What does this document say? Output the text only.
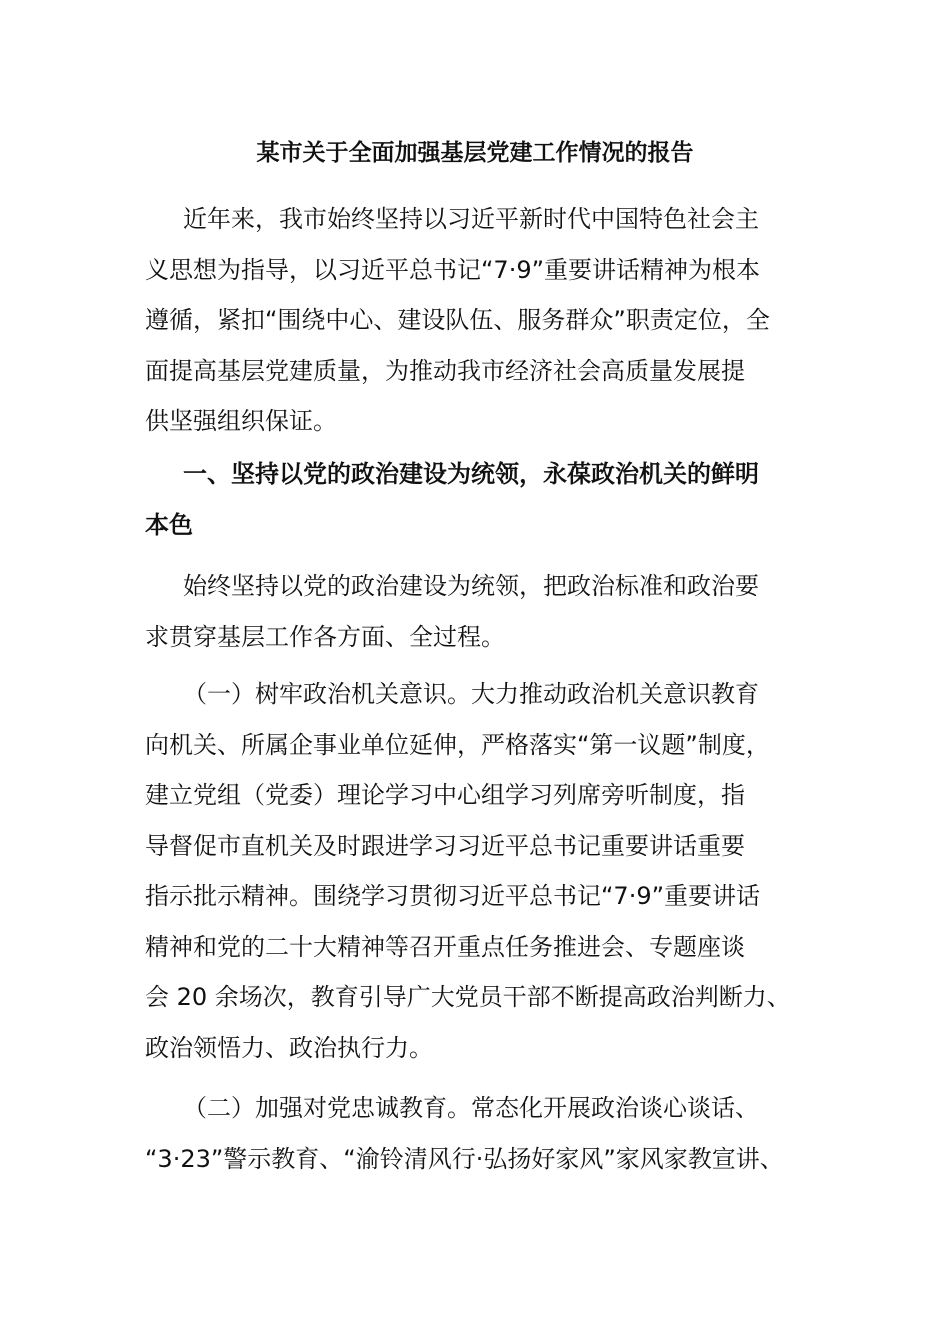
某市关于全面加强基层党建工作情况的报告

近年来，我市始终坚持以习近平新时代中国特色社会主
义思想为指导，以习近平总书记“7·9”重要讲话精神为根本
遵循，紧扣“围绕中心、建设队伍、服务群众”职责定位，全
面提高基层党建质量，为推动我市经济社会高质量发展提
供坚强组织保证。

一、坚持以党的政治建设为统领，永葆政治机关的鲜明
本色

始终坚持以党的政治建设为统领，把政治标准和政治要
求贯穿基层工作各方面、全过程。

（一）树牢政治机关意识。大力推动政治机关意识教育
向机关、所属企事业单位延伸，严格落实“第一议题”制度，
建立党组（党委）理论学习中心组学习列席旁听制度，指
导督促市直机关及时跟进学习习近平总书记重要讲话重要
指示批示精神。围绕学习贯彻习近平总书记“7·9”重要讲话
精神和党的二十大精神等召开重点任务推进会、专题座谈
会 20 余场次，教育引导广大党员干部不断提高政治判断力、
政治领悟力、政治执行力。

（二）加强对党忠诚教育。常态化开展政治谈心谈话、
“3·23”警示教育、“渝铃清风行·弘扬好家风”家风家教宣讲、
